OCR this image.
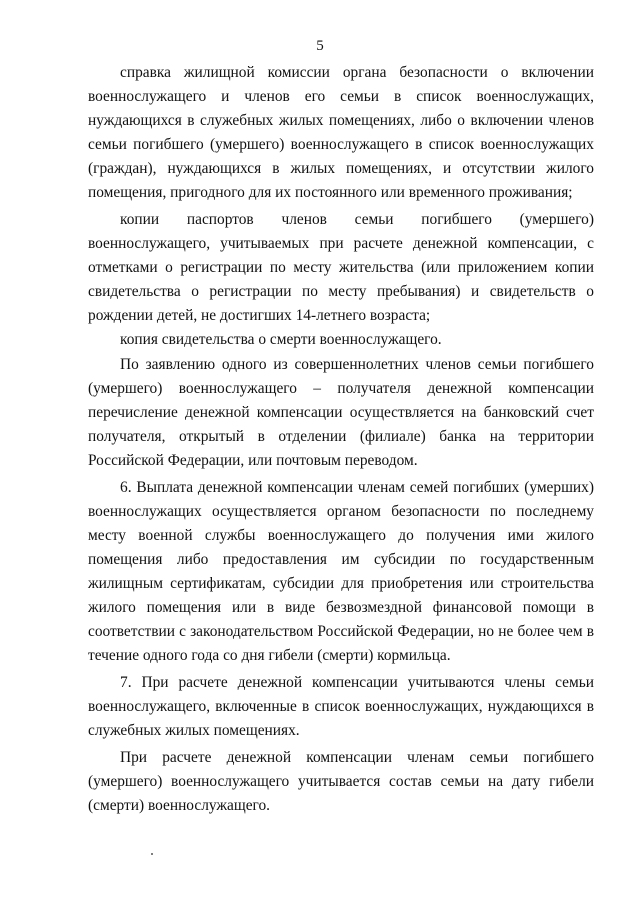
5

справка жилищной комиссии органа безопасности о включении военнослужащего и членов его семьи в список военнослужащих, нуждающихся в служебных жилых помещениях, либо о включении членов семьи погибшего (умершего) военнослужащего в список военнослужащих (граждан), нуждающихся в жилых помещениях, и отсутствии жилого помещения, пригодного для их постоянного или временного проживания;

копии паспортов членов семьи погибшего (умершего) военнослужащего, учитываемых при расчете денежной компенсации, с отметками о регистрации по месту жительства (или приложением копии свидетельства о регистрации по месту пребывания) и свидетельств о рождении детей, не достигших 14-летнего возраста;

копия свидетельства о смерти военнослужащего.

По заявлению одного из совершеннолетних членов семьи погибшего (умершего) военнослужащего – получателя денежной компенсации перечисление денежной компенсации осуществляется на банковский счет получателя, открытый в отделении (филиале) банка на территории Российской Федерации, или почтовым переводом.

6. Выплата денежной компенсации членам семей погибших (умерших) военнослужащих осуществляется органом безопасности по последнему месту военной службы военнослужащего до получения ими жилого помещения либо предоставления им субсидии по государственным жилищным сертификатам, субсидии для приобретения или строительства жилого помещения или в виде безвозмездной финансовой помощи в соответствии с законодательством Российской Федерации, но не более чем в течение одного года со дня гибели (смерти) кормильца.

7. При расчете денежной компенсации учитываются члены семьи военнослужащего, включенные в список военнослужащих, нуждающихся в служебных жилых помещениях.

При расчете денежной компенсации членам семьи погибшего (умершего) военнослужащего учитывается состав семьи на дату гибели (смерти) военнослужащего.
